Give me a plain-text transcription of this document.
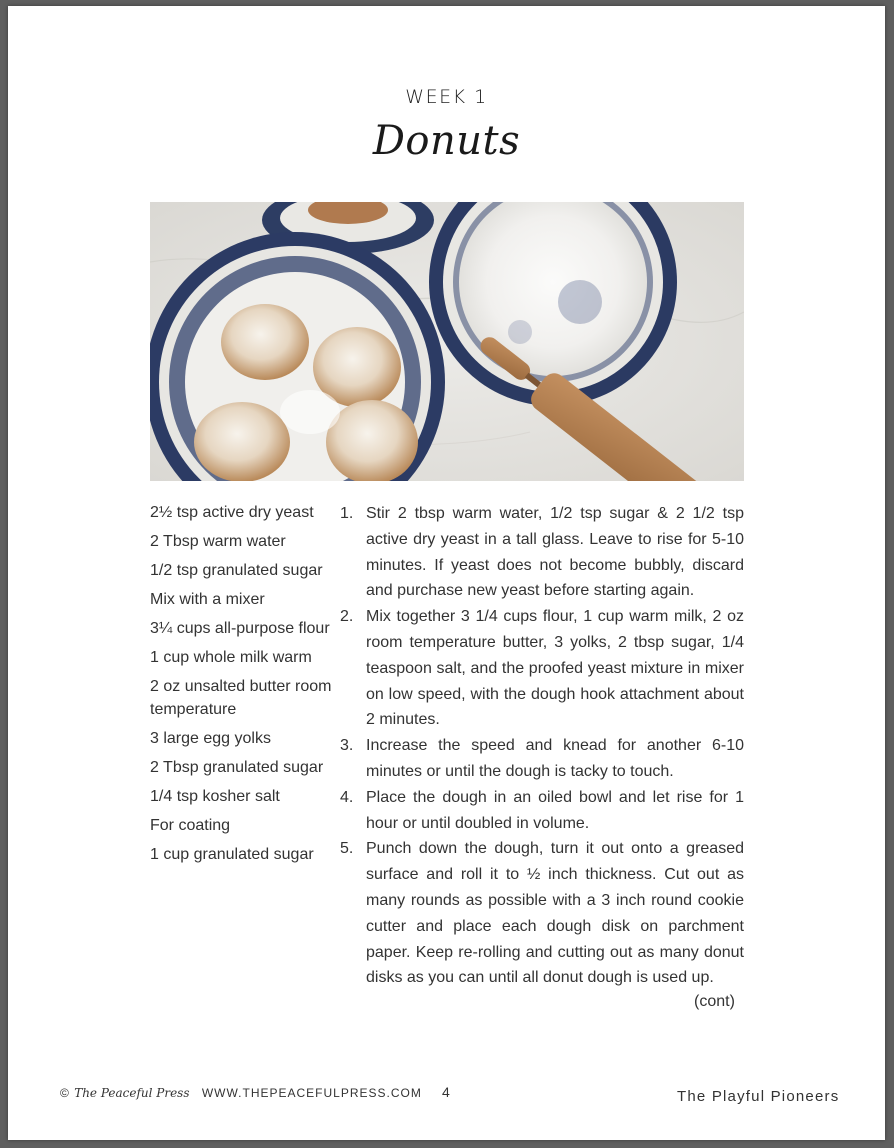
WEEK 1
Donuts
2½ tsp active dry yeast
2 Tbsp warm water
1/2 tsp granulated sugar
Mix with a mixer
3¼ cups all-purpose flour
1 cup whole milk warm
2 oz unsalted butter room temperature
3 large egg yolks
2 Tbsp granulated sugar
1/4 tsp kosher salt
For coating
1 cup granulated sugar
1. Stir 2 tbsp warm water, 1/2 tsp sugar & 2 1/2 tsp active dry yeast in a tall glass. Leave to rise for 5-10 minutes. If yeast does not become bubbly, discard and purchase new yeast before starting again.
2. Mix together 3 1/4 cups flour, 1 cup warm milk, 2 oz room temperature butter, 3 yolks, 2 tbsp sugar, 1/4 teaspoon salt, and the proofed yeast mixture in mixer on low speed, with the dough hook attachment about 2 minutes.
3. Increase the speed and knead for another 6-10 minutes or until the dough is tacky to touch.
4. Place the dough in an oiled bowl and let rise for 1 hour or until doubled in volume.
5. Punch down the dough, turn it out onto a greased surface and roll it to ½ inch thickness. Cut out as many rounds as possible with a 3 inch round cookie cutter and place each dough disk on parchment paper. Keep re-rolling and cutting out as many donut disks as you can until all donut dough is used up.
(cont)
© The Peaceful Press WWW.THEPEACEFULPRESS.COM 4	The Playful Pioneers
